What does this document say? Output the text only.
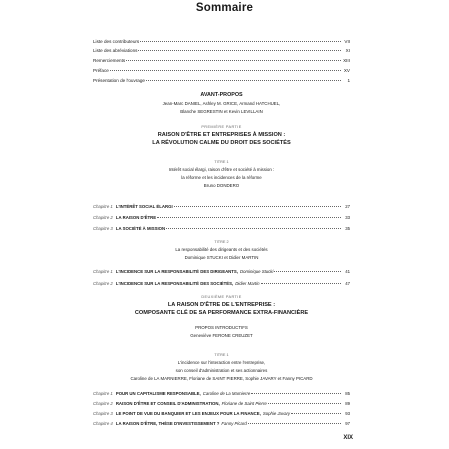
Sommaire
Liste des contributeurs	VII
Liste des abréviations	XI
Remerciements	XIII
Préface	XV
Présentation de l'ouvrage	1
AVANT-PROPOS
Jean-Marc DANIEL, Ashley M. GRICE, Armand HATCHUEL,
Blanche SEGRESTIN et Kevin LEVILLAIN
PREMIÈRE PARTIE
RAISON D'ÊTRE ET ENTREPRISES À MISSION :
LA RÉVOLUTION CALME DU DROIT DES SOCIÉTÉS
TITRE 1
Intérêt social élargi, raison d'être et société à mission :
la réforme et les incidences de la réforme
Bruno DONDERO
Chapitre 1 L'INTÉRÊT SOCIAL ÉLARGI	27
Chapitre 2 LA RAISON D'ÊTRE	33
Chapitre 3 LA SOCIÉTÉ À MISSION	35
TITRE 2
La responsabilité des dirigeants et des sociétés
Dominique STUCKI et Didier MARTIN
Chapitre 1 L'INCIDENCE SUR LA RESPONSABILITÉ DES DIRIGEANTS, Dominique Stucki	41
Chapitre 2 L'INCIDENCE SUR LA RESPONSABILITÉ DES SOCIÉTÉS, Didier Martin	47
DEUXIÈME PARTIE
LA RAISON D'ÊTRE DE L'ENTREPRISE :
COMPOSANTE CLÉ DE SA PERFORMANCE EXTRA-FINANCIÈRE
PROPOS INTRODUCTIFS
Geneviève FERONE CREUZET
TITRE 1
L'incidence sur l'interaction entre l'entreprise,
son conseil d'administration et ses actionnaires
Caroline de LA MARNIERRE, Floriane de SAINT PIERRE, Sophie JAVARY et Fanny PICARD
Chapitre 1 POUR UN CAPITALISME RESPONSABLE, Caroline de La Marnierre	85
Chapitre 2 RAISON D'ÊTRE ET CONSEIL D'ADMINISTRATION, Floriane de Saint Pierre	89
Chapitre 3 LE POINT DE VUE DU BANQUIER ET LES ENJEUX POUR LA FINANCE, Sophie Javary	93
Chapitre 4 LA RAISON D'ÊTRE, THÈSE D'INVESTISSEMENT ? Fanny Picard	97
XIX
